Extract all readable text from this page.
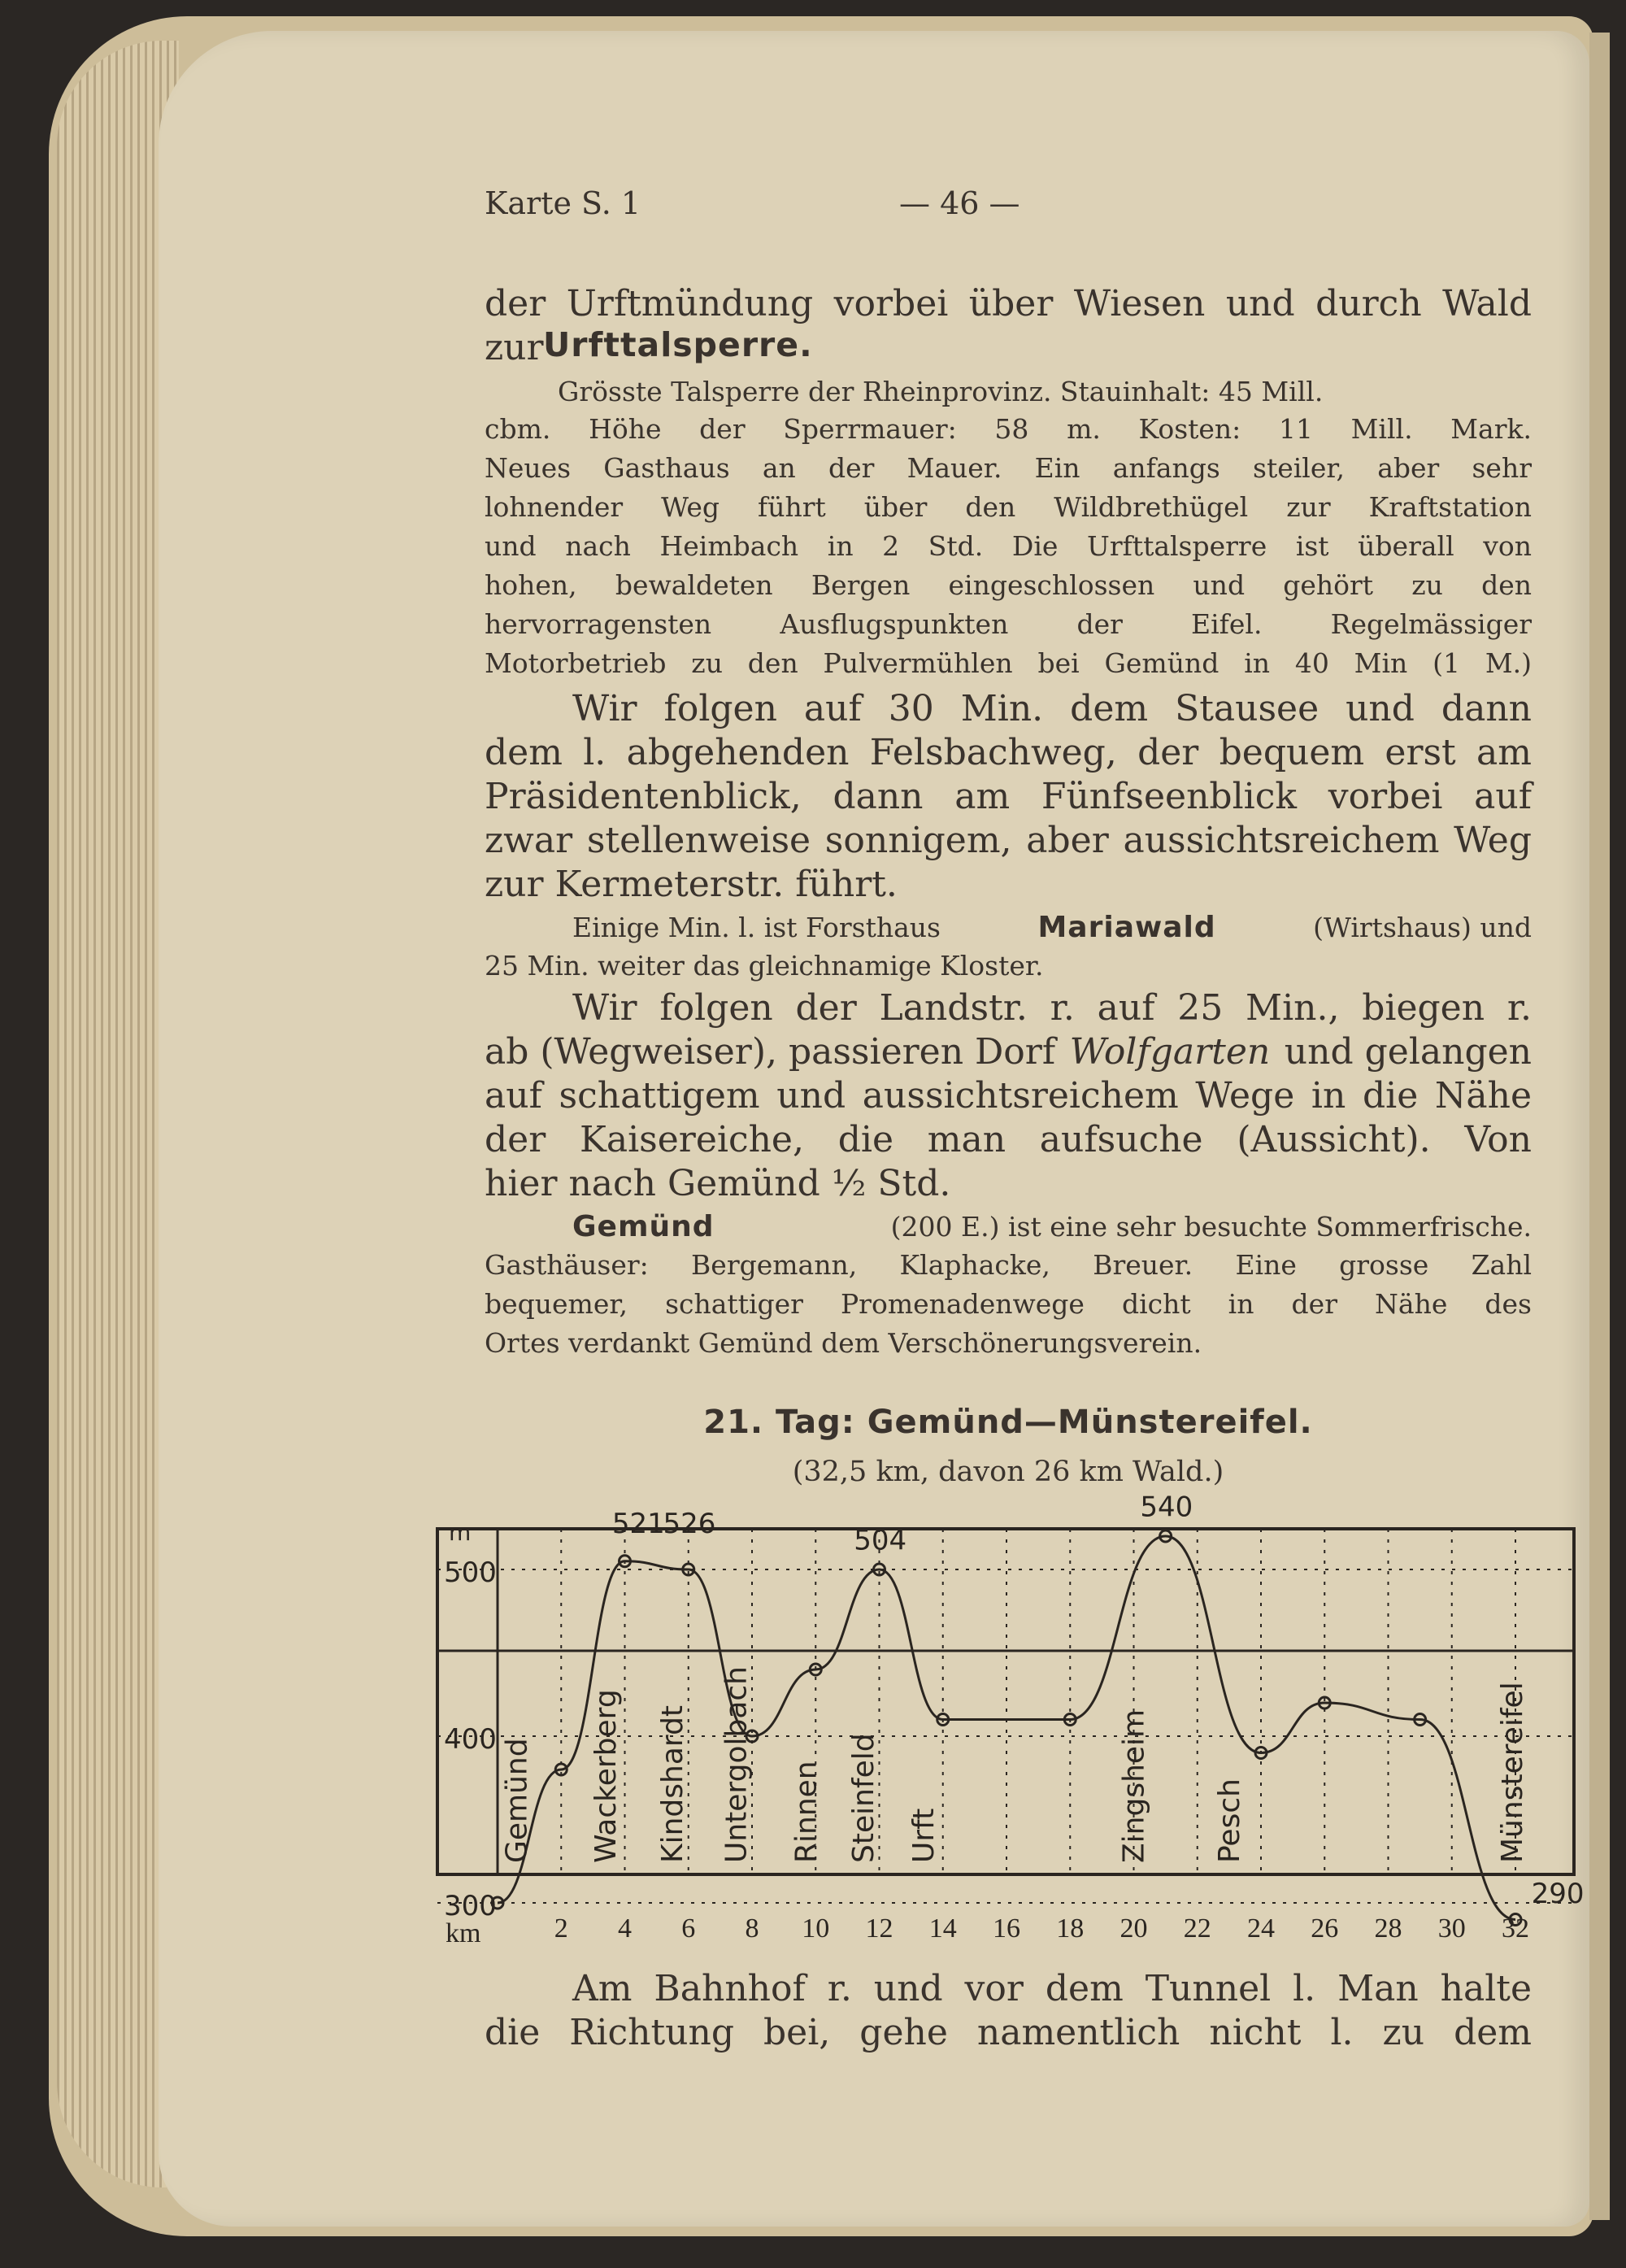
Karte S. 1	— 46 —
der Urftmündung vorbei über Wiesen und durch Wald
zur Urfttalsperre.
Grösste Talsperre der Rheinprovinz. Stauinhalt: 45 Mill.
cbm. Höhe der Sperrmauer: 58 m. Kosten: 11 Mill. Mark.
Neues Gasthaus an der Mauer. Ein anfangs steiler, aber sehr
lohnender Weg führt über den Wildbrethügel zur Kraftstation
und nach Heimbach in 2 Std. Die Urfttalsperre ist überall von
hohen, bewaldeten Bergen eingeschlossen und gehört zu den
hervorragensten Ausflugspunkten der Eifel. Regelmässiger
Motorbetrieb zu den Pulvermühlen bei Gemünd in 40 Min (1 M.)
Wir folgen auf 30 Min. dem Stausee und dann
dem l. abgehenden Felsbachweg, der bequem erst am
Präsidentenblick, dann am Fünfseenblick vorbei auf
zwar stellenweise sonnigem, aber aussichtsreichem Weg
zur Kermeterstr. führt.
Einige Min. l. ist Forsthaus	Mariawald	(Wirtshaus) und
25 Min. weiter das gleichnamige Kloster.
Wir folgen der Landstr. r. auf 25 Min., biegen r.
ab (Wegweiser), passieren Dorf Wolfgarten und gelangen
auf schattigem und aussichtsreichem Wege in die Nähe
der Kaisereiche, die man aufsuche (Aussicht). Von
hier nach Gemünd ½ Std.
Gemünd	(200 E.) ist eine sehr besuchte Sommerfrische.
Gasthäuser: Bergemann, Klaphacke, Breuer. Eine grosse Zahl
bequemer, schattiger Promenadenwege dicht in der Nähe des
Ortes verdankt Gemünd dem Verschönerungsverein.
21. Tag: Gemünd—Münstereifel.
(32,5 km, davon 26 km Wald.)
500
400
300
m	521
526
504
540
290
Gemünd Wackerberg Kindshardt Untergolbach Rinnen Steinfeld Urft	Zingsheim Pesch	Münstereifel
km	2 4 6 8 10 12 14 16 18 20 22 24 26 28 30 32
Am Bahnhof r. und vor dem Tunnel l. Man halte
die Richtung bei, gehe namentlich nicht l. zu dem
